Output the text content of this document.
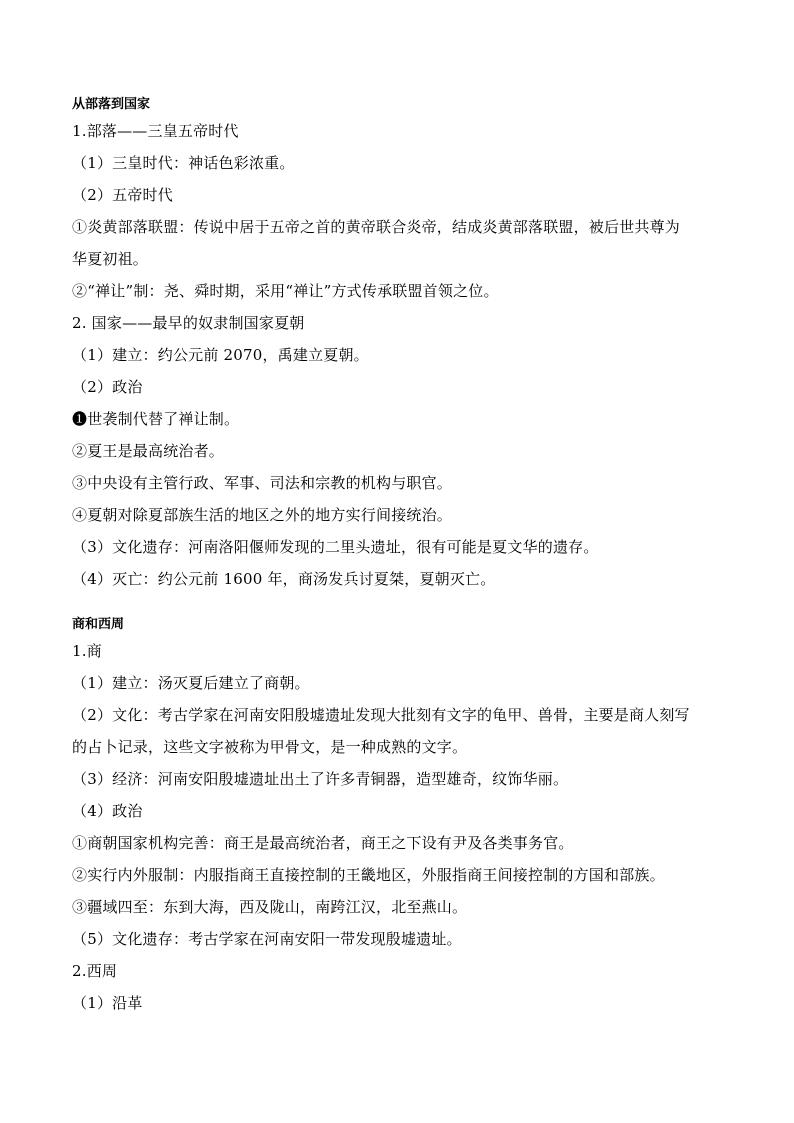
从部落到国家
1.部落——三皇五帝时代
（1）三皇时代：神话色彩浓重。
（2）五帝时代
①炎黄部落联盟：传说中居于五帝之首的黄帝联合炎帝，结成炎黄部落联盟，被后世共尊为
华夏初祖。
②“禅让”制：尧、舜时期，采用“禅让”方式传承联盟首领之位。
2. 国家——最早的奴隶制国家夏朝
（1）建立：约公元前 2070，禹建立夏朝。
（2）政治
❶世袭制代替了禅让制。
②夏王是最高统治者。
③中央设有主管行政、军事、司法和宗教的机构与职官。
④夏朝对除夏部族生活的地区之外的地方实行间接统治。
（3）文化遗存：河南洛阳偃师发现的二里头遗址，很有可能是夏文华的遗存。
（4）灭亡：约公元前 1600 年，商汤发兵讨夏桀，夏朝灭亡。
商和西周
1.商
（1）建立：汤灭夏后建立了商朝。
（2）文化：考古学家在河南安阳殷墟遗址发现大批刻有文字的龟甲、兽骨，主要是商人刻写
的占卜记录，这些文字被称为甲骨文，是一种成熟的文字。
（3）经济：河南安阳殷墟遗址出土了许多青铜器，造型雄奇，纹饰华丽。
（4）政治
①商朝国家机构完善：商王是最高统治者，商王之下设有尹及各类事务官。
②实行内外服制：内服指商王直接控制的王畿地区，外服指商王间接控制的方国和部族。
③疆域四至：东到大海，西及陇山，南跨江汉，北至燕山。
（5）文化遗存：考古学家在河南安阳一带发现殷墟遗址。
2.西周
（1）沿革
